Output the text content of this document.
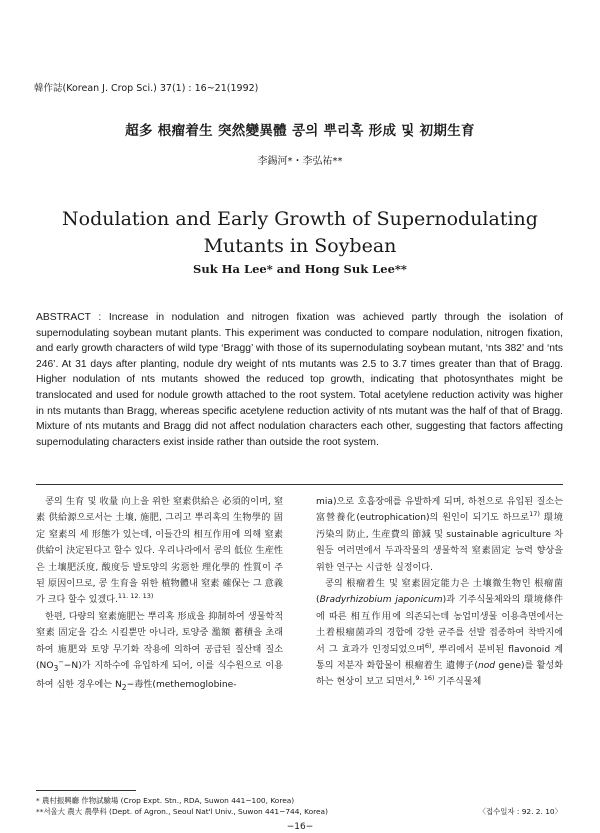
韓作誌(Korean J. Crop Sci.) 37(1) : 16~21(1992)
超多 根瘤着生 突然變異體 콩의 뿌리혹 形成 및 初期生育
李錫河*・李弘祐**
Nodulation and Early Growth of Supernodulating
Mutants in Soybean
Suk Ha Lee* and Hong Suk Lee**
ABSTRACT : Increase in nodulation and nitrogen fixation was achieved partly through the isolation of supernodulating soybean mutant plants. This experiment was conducted to compare nodulation, nitrogen fixation, and early growth characters of wild type ‘Bragg’ with those of its supernodulating soybean mutant, ‘nts 382’ and ‘nts 246’. At 31 days after planting, nodule dry weight of nts mutants was 2.5 to 3.7 times greater than that of Bragg. Higher nodulation of nts mutants showed the reduced top growth, indicating that photosynthates might be translocated and used for nodule growth attached to the root system. Total acetylene reduction activity was higher in nts mutants than Bragg, whereas specific acetylene reduction activity of nts mutant was the half of that of Bragg. Mixture of nts mutants and Bragg did not affect nodulation characters each other, suggesting that factors affecting supernodulating characters exist inside rather than outside the root system.

 콩의 生育 및 收量 向上을 위한 窒素供給은 必須的이며, 窒素 供給源으로서는 土壤, 施肥, 그리고 뿌리혹의 生物學的 固定 窒素의 세 形態가 있는데, 이들간의 相互作用에 의해 窒素供給이 決定된다고 할수 있다. 우리나라에서 콩의 低位 生産性은 土壤肥沃度, 酸度등 발토양의 劣惡한 理化學的 性質이 주된 原因이므로, 콩 生育을 위한 植物體내 窒素 確保는 그 意義가 크다 할수 있겠다.$^{11. 12. 13)}$

 한편, 다량의 窒素施肥는 뿌리혹 形成을 抑制하여 생물학적 窒素 固定을 감소 시킬뿐만 아니라, 토양중 濫額 蓄積을 초래하여 施肥와 토양 무기화 작용에 의하여 공급된 질산태 질소$(NO_3^--N)$가 지하수에 유입하게 되어, 이를 식수원으로 이용하여 심한 경우에는 $N_2-$毒性(methemoglobine-

mia)으로 호흡장애를 유발하게 되며, 하천으로 유입된 질소는 富營養化(eutrophication)의 원인이 되기도 하므로$^{17)}$ 環境汚染의 防止, 生産費의 節減 및 sustainable agriculture 차원등 여러면에서 두과작물의 생물학적 窒素固定 능력 향상을 위한 연구는 시급한 실정이다.

 콩의 根瘤着生 및 窒素固定能力은 土壤微生物인 根瘤菌(Bradyrhizobium japonicum)과 기주식물체와의 環境條件에 따른 相互作用에 의존되는데 농업미생물 이용측면에서는 土着根瘤菌과의 경합에 강한 균주를 선발 접종하여 착박지에서 그 효과가 인정되었으며$^{6)}$, 뿌리에서 분비된 flavonoid 계통의 저분자 화합물이 根瘤着生 遺傳子(nod gene)를 활성화 하는 현상이 보고 되면서,$^{9. 16)}$ 기주식물체

* 農村振興廳 作物試驗場 (Crop Expt. Stn., RDA, Suwon 441−100, Korea)
**서울大 農大 農學科 (Dept. of Agron., Seoul Nat'l Univ., Suwon 441−744, Korea)	〈접수일자 : 92. 2. 10〉
−16−
